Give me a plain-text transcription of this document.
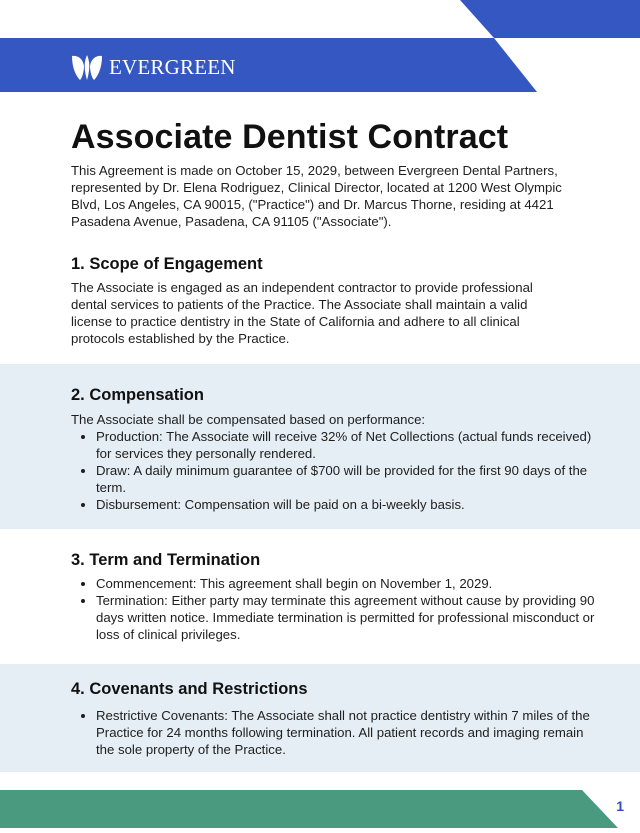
EVERGREEN
Associate Dentist Contract

This Agreement is made on October 15, 2029, between Evergreen Dental Partners, represented by Dr. Elena Rodriguez, Clinical Director, located at 1200 West Olympic Blvd, Los Angeles, CA 90015, ("Practice") and Dr. Marcus Thorne, residing at 4421 Pasadena Avenue, Pasadena, CA 91105 ("Associate").

1. Scope of Engagement

The Associate is engaged as an independent contractor to provide professional dental services to patients of the Practice. The Associate shall maintain a valid license to practice dentistry in the State of California and adhere to all clinical protocols established by the Practice.

2. Compensation

The Associate shall be compensated based on performance:

• Production: The Associate will receive 32% of Net Collections (actual funds received) for services they personally rendered.
• Draw: A daily minimum guarantee of $700 will be provided for the first 90 days of the term.
• Disbursement: Compensation will be paid on a bi-weekly basis.
3. Term and Termination
• Commencement: This agreement shall begin on November 1, 2029.
• Termination: Either party may terminate this agreement without cause by providing 90 days written notice. Immediate termination is permitted for professional misconduct or loss of clinical privileges.
4. Covenants and Restrictions
• Restrictive Covenants: The Associate shall not practice dentistry within 7 miles of the Practice for 24 months following termination. All patient records and imaging remain the sole property of the Practice.
1
